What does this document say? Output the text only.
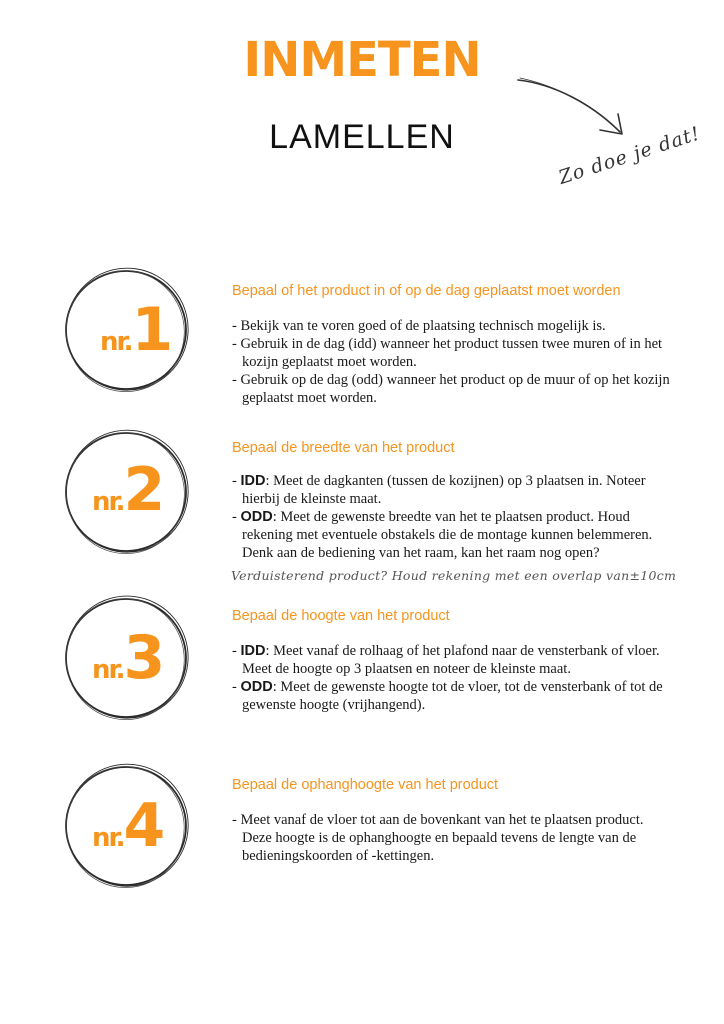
INMETEN
LAMELLEN	Zo doe je dat!
nr.1
Bepaal of het product in of op de dag geplaatst moet worden
- Bekijk van te voren goed of de plaatsing technisch mogelijk is.
- Gebruik in de dag (idd) wanneer het product tussen twee muren of in het kozijn geplaatst moet worden.
- Gebruik op de dag (odd) wanneer het product op de muur of op het kozijn geplaatst moet worden.
nr.2
Bepaal de breedte van het product
- IDD: Meet de dagkanten (tussen de kozijnen) op 3 plaatsen in. Noteer hierbij de kleinste maat.
- ODD: Meet de gewenste breedte van het te plaatsen product. Houd rekening met eventuele obstakels die de montage kunnen belemmeren. Denk aan de bediening van het raam, kan het raam nog open?
Verduisterend product? Houd rekening met een overlap van±10cm
nr.3
Bepaal de hoogte van het product
- IDD: Meet vanaf de rolhaag of het plafond naar de vensterbank of vloer. Meet de hoogte op 3 plaatsen en noteer de kleinste maat.
- ODD: Meet de gewenste hoogte tot de vloer, tot de vensterbank of tot de gewenste hoogte (vrijhangend).
nr.4
Bepaal de ophanghoogte van het product
- Meet vanaf de vloer tot aan de bovenkant van het te plaatsen product. Deze hoogte is de ophanghoogte en bepaald tevens de lengte van de bedieningskoorden of -kettingen.
